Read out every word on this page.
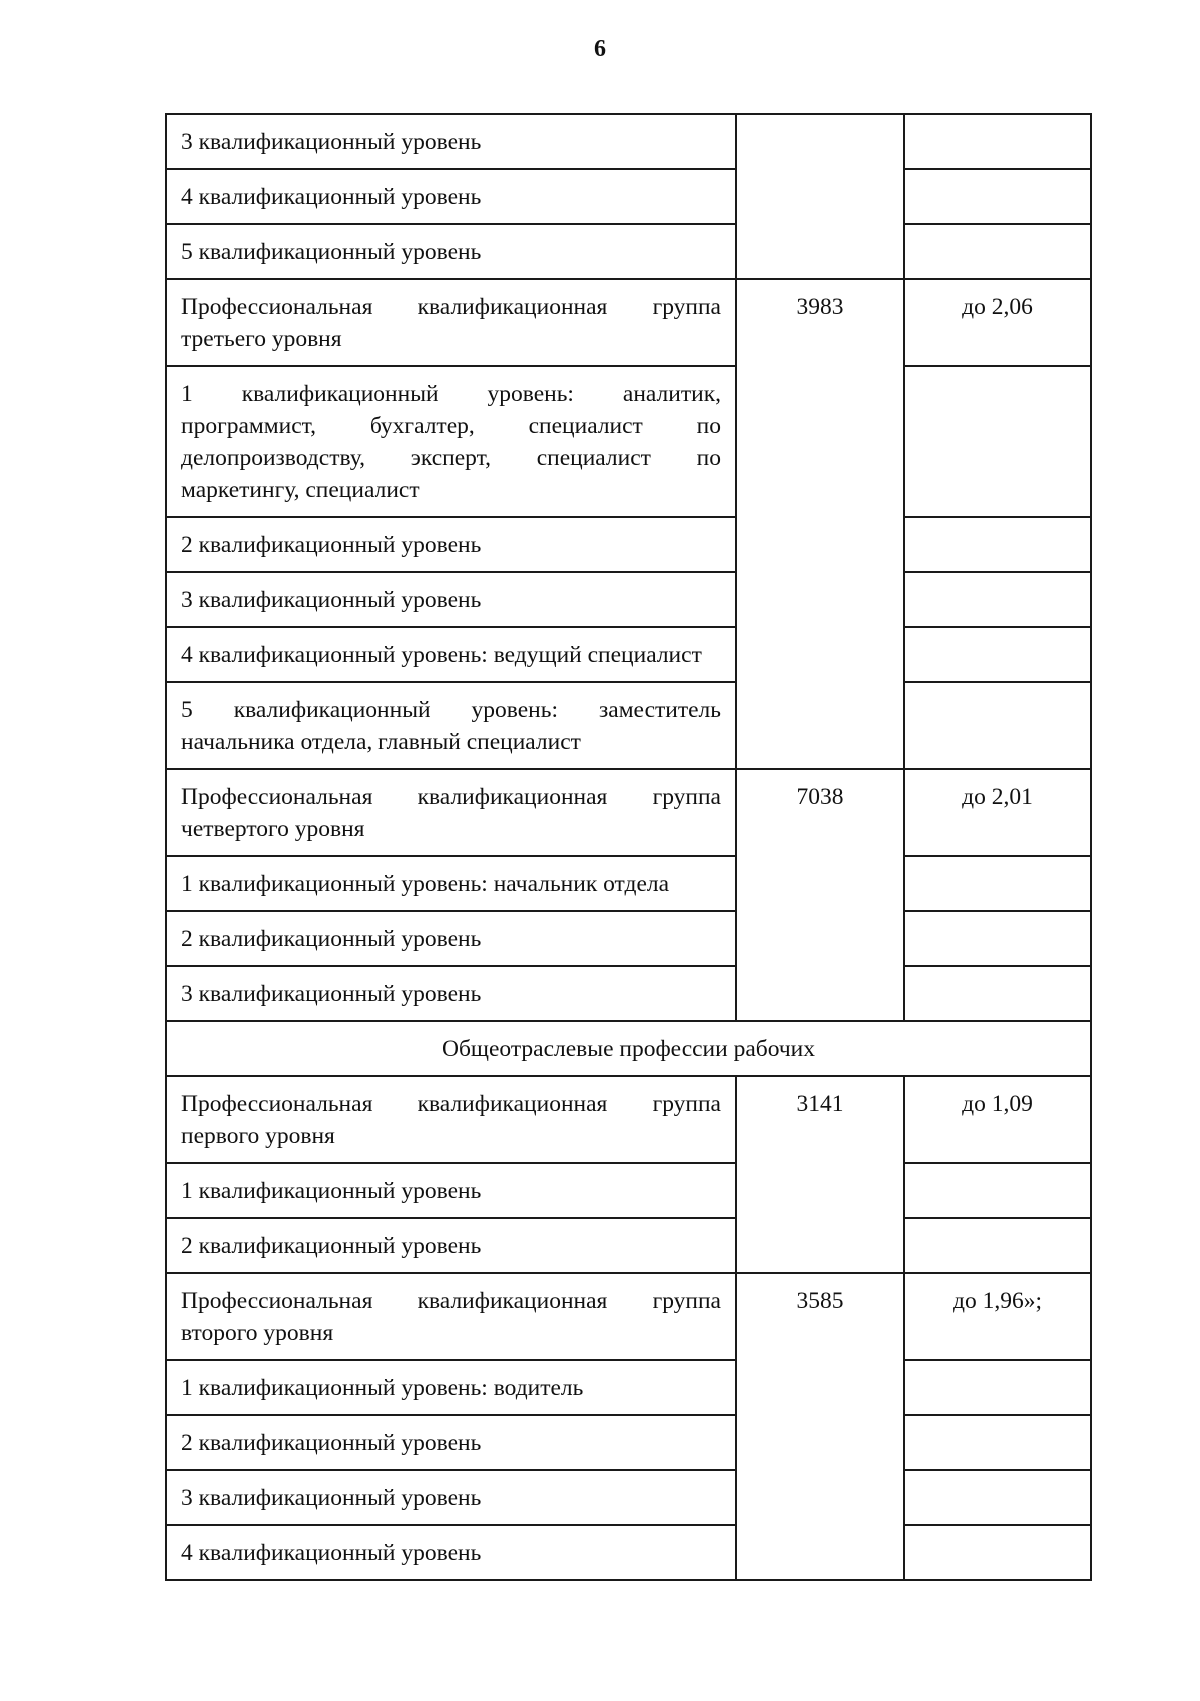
6
3 квалификационный уровень		
4 квалификационный уровень		
5 квалификационный уровень		
Профессиональная квалификационная группа третьего уровня	3983	до 2,06
1 квалификационный уровень: аналитик, программист, бухгалтер, специалист по делопроизводству, эксперт, специалист по маркетингу, специалист		
2 квалификационный уровень		
3 квалификационный уровень		
4 квалификационный уровень: ведущий специалист		
5 квалификационный уровень: заместитель начальника отдела, главный специалист		
Профессиональная квалификационная группа четвертого уровня	7038	до 2,01
1 квалификационный уровень: начальник отдела		
2 квалификационный уровень		
3 квалификационный уровень		
Общеотраслевые профессии рабочих		
Профессиональная квалификационная группа первого уровня	3141	до 1,09
1 квалификационный уровень		
2 квалификационный уровень		
Профессиональная квалификационная группа второго уровня	3585	до 1,96»;
1 квалификационный уровень: водитель		
2 квалификационный уровень		
3 квалификационный уровень		
4 квалификационный уровень		
